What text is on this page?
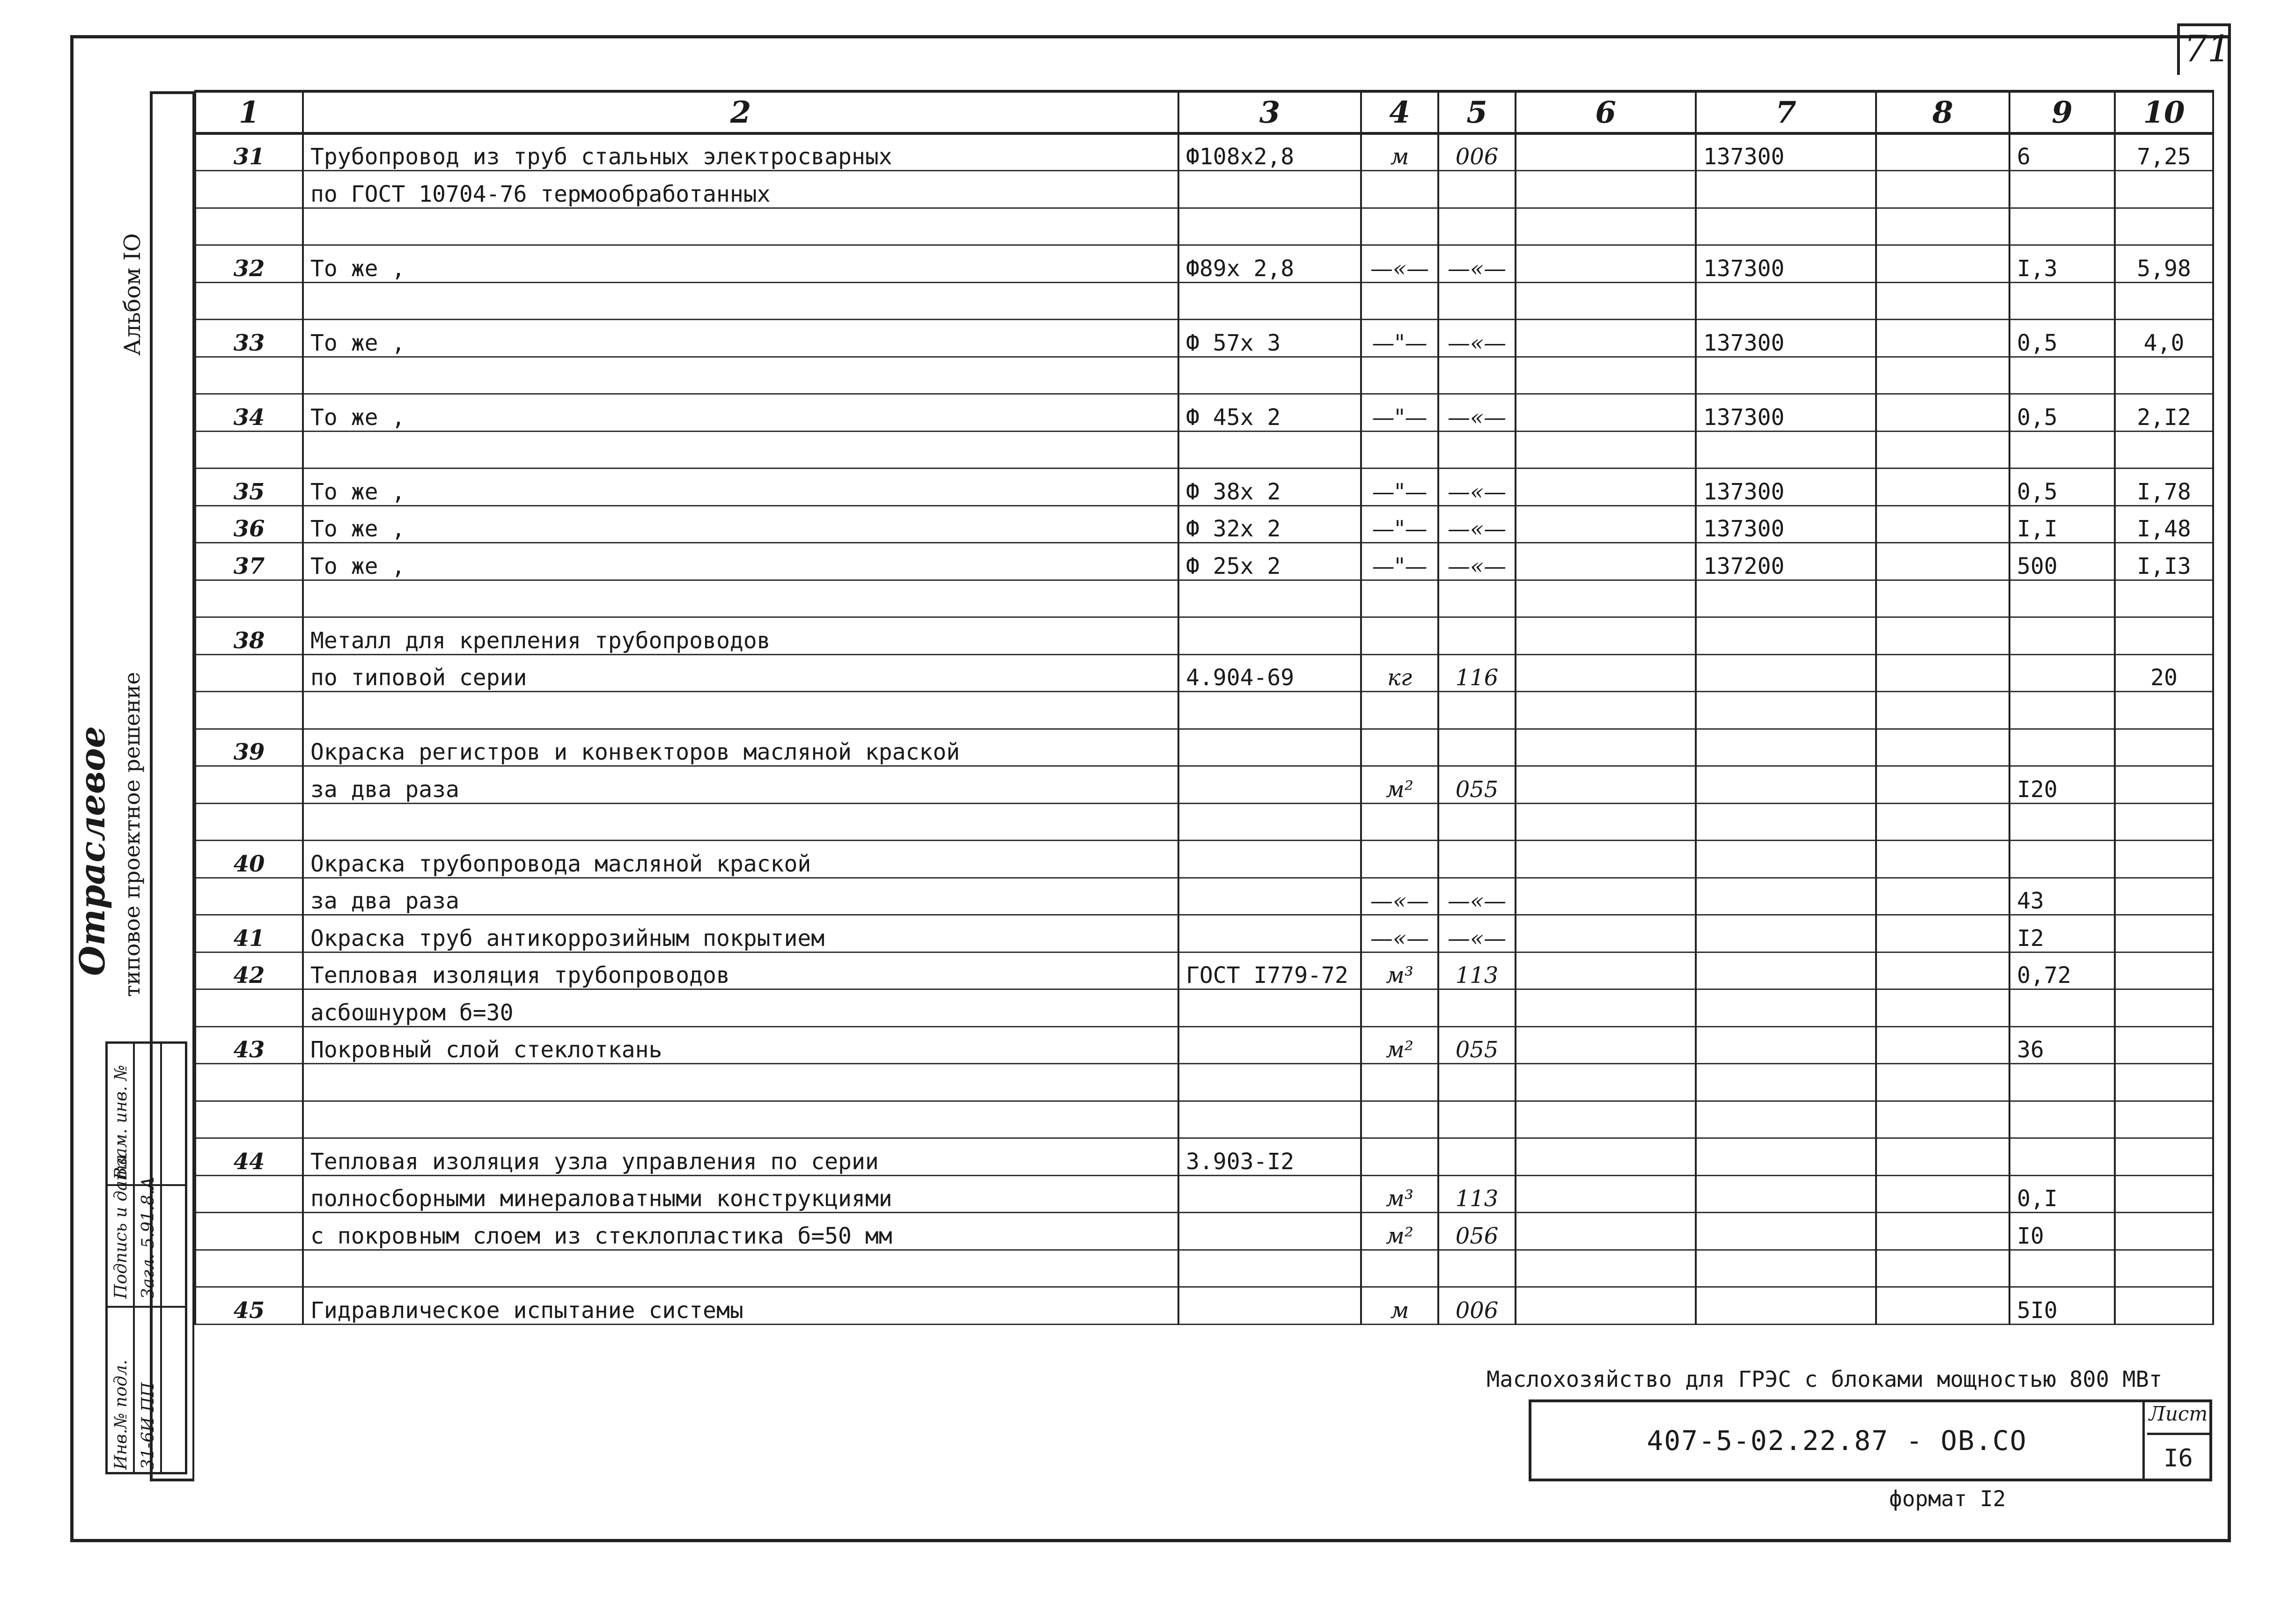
71
Альбом IO
Отраслевое типовое проектное решение
Инв.№ подл. 31-6И ПП
Подпись и дата Загл. 5.91.8.А
Взам. инв. №
1	2	3	4	5	6	7	8	9	10
31	Трубопровод из труб стальных электросварных	Ф108х2,8	м	006		137300		6	7,25
	по ГОСТ 10704-76 термообработанных								

32	То же ,	Ф89х 2,8	—«—	—«—		137300		I,3	5,98

33	То же ,	Ф 57х 3	—"—	—«—		137300		0,5	4,0

34	То же ,	Ф 45х 2	—"—	—«—		137300		0,5	2,I2

35	То же ,	Ф 38х 2	—"—	—«—		137300		0,5	I,78
36	То же ,	Ф 32х 2	—"—	—«—		137300		I,I	I,48
37	То же ,	Ф 25х 2	—"—	—«—		137200		500	I,I3

38	Металл для крепления трубопроводов								
	по типовой серии	4.904-69	кг	116					20

39	Окраска регистров и конвекторов масляной краской								
	за два раза		м²	055				I20	

40	Окраска трубопровода масляной краской								
	за два раза		—«—	—«—				43	
41	Окраска труб антикоррозийным покрытием		—«—	—«—				I2	
42	Тепловая изоляция трубопроводов	ГОСТ I779-72	м³	113				0,72	
	асбошнуром б=30								
43	Покровный слой стеклоткань		м²	055				36	

44	Тепловая изоляция узла управления по серии	3.903-I2							
	полносборными минераловатными конструкциями		м³	113				0,I	
	с покровным слоем из стеклопластика б=50 мм		м²	056				I0	

45	Гидравлическое испытание системы		м	006				5I0	
Маслохозяйство для ГРЭС с блоками мощностью 800 МВт
407-5-02.22.87 - ОВ.СО
Лист
I6
формат I2
